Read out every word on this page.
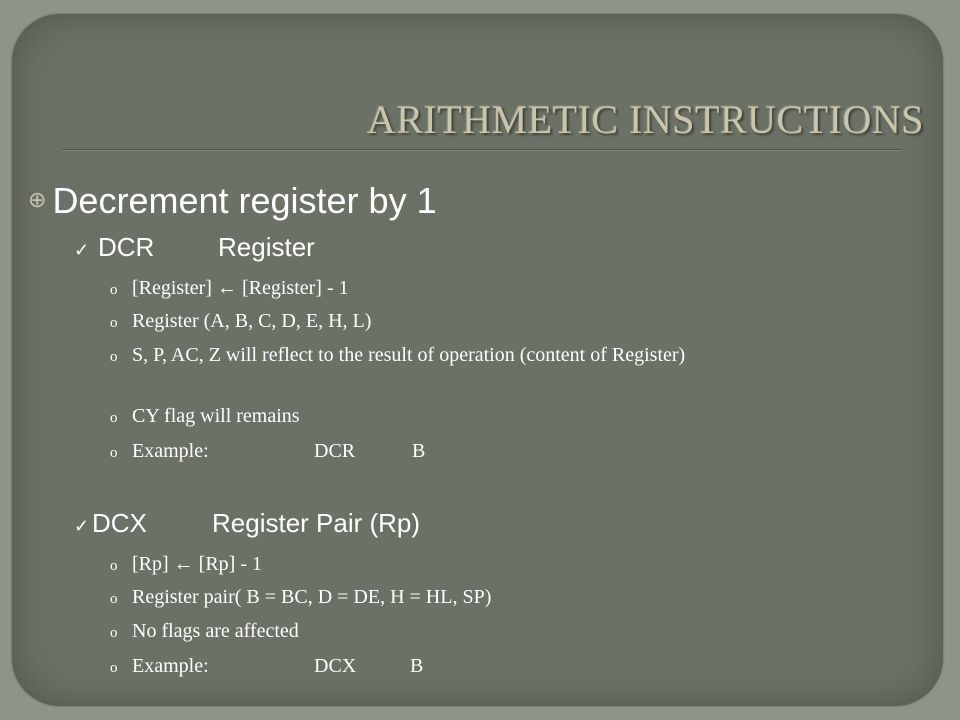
ARITHMETIC INSTRUCTIONS
⊕ Decrement register by 1
✓ DCR	Register
o [Register] ← [Register] - 1
o Register (A, B, C, D, E, H, L)
o S, P, AC, Z will reflect to the result of operation (content of Register)
o CY flag will remains
o Example:	DCR	B
✓ DCX	Register Pair (Rp)
o [Rp] ← [Rp] - 1
o Register pair( B = BC, D = DE, H = HL, SP)
o No flags are affected
o Example:	DCX	B
